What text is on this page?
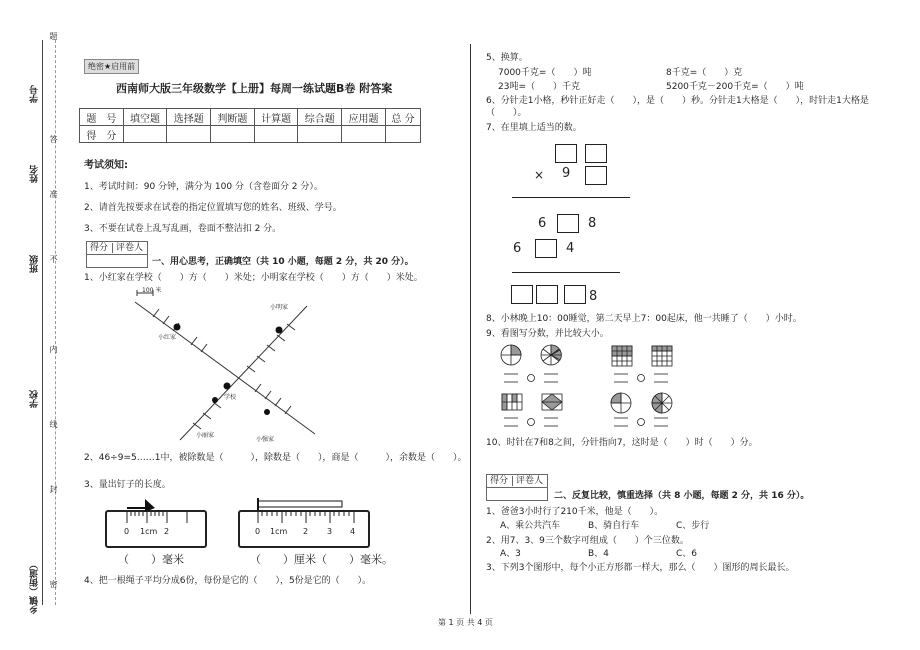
学号
姓名
班级
学校
乡镇（街道）
题
答
准
不
内
线
封
密
绝密★启用前
西南师大版三年级数学【上册】每周一练试题B卷 附答案
题　号	填空题	选择题	判断题	计算题	综合题	应用题	总 分
得　分							
考试须知:
1、考试时间：90 分钟，满分为 100 分（含卷面分 2 分）。
2、请首先按要求在试卷的指定位置填写您的姓名、班级、学号。
3、不要在试卷上乱写乱画，卷面不整洁扣 2 分。
得分 评卷人
一、用心思考，正确填空（共 10 小题，每题 2 分，共 20 分）。
1、小红家在学校（　　）方（　　）米处；小明家在学校（　　）方（　　）米处。
100 米
小明家
小红家
学校
小丽家
小强家
2、46÷9=5……1中，被除数是（　　　），除数是（　　），商是（　　　），余数是（　　）。
3、量出钉子的长度。
0 1cm 2	0 1cm 2 3 4
（　　）毫米	（　　）厘米（　　）毫米。
4、把一根绳子平均分成6份，每份是它的（　　），5份是它的（　　）。
5、换算。
7000千克=（　　）吨	8千克=（　　）克
23吨=（　　）千克	5200千克－200千克=（　　）吨
6、分针走1小格，秒针正好走（　　），是（　　）秒。分针走1大格是（　　），时针走1大格是（　　）。
7、在里填上适当的数。
× 9
6	8
6	4
8
8、小林晚上10：00睡觉，第二天早上7：00起床，他一共睡了（　　）小时。
9、看图写分数，并比较大小。
10、时针在7和8之间，分针指向7，这时是（　　）时（　　）分。
得分 评卷人
二、反复比较，慎重选择（共 8 小题，每题 2 分，共 16 分）。
1、爸爸3小时行了210千米，他是（　　）。
A、乘公共汽车	B、骑自行车	C、步行
2、用7、3、9三个数字可组成（　　）个三位数。
A、3	B、4	C、6
3、下列3个图形中，每个小正方形都一样大，那么（　　）图形的周长最长。
第 1 页 共 4 页
